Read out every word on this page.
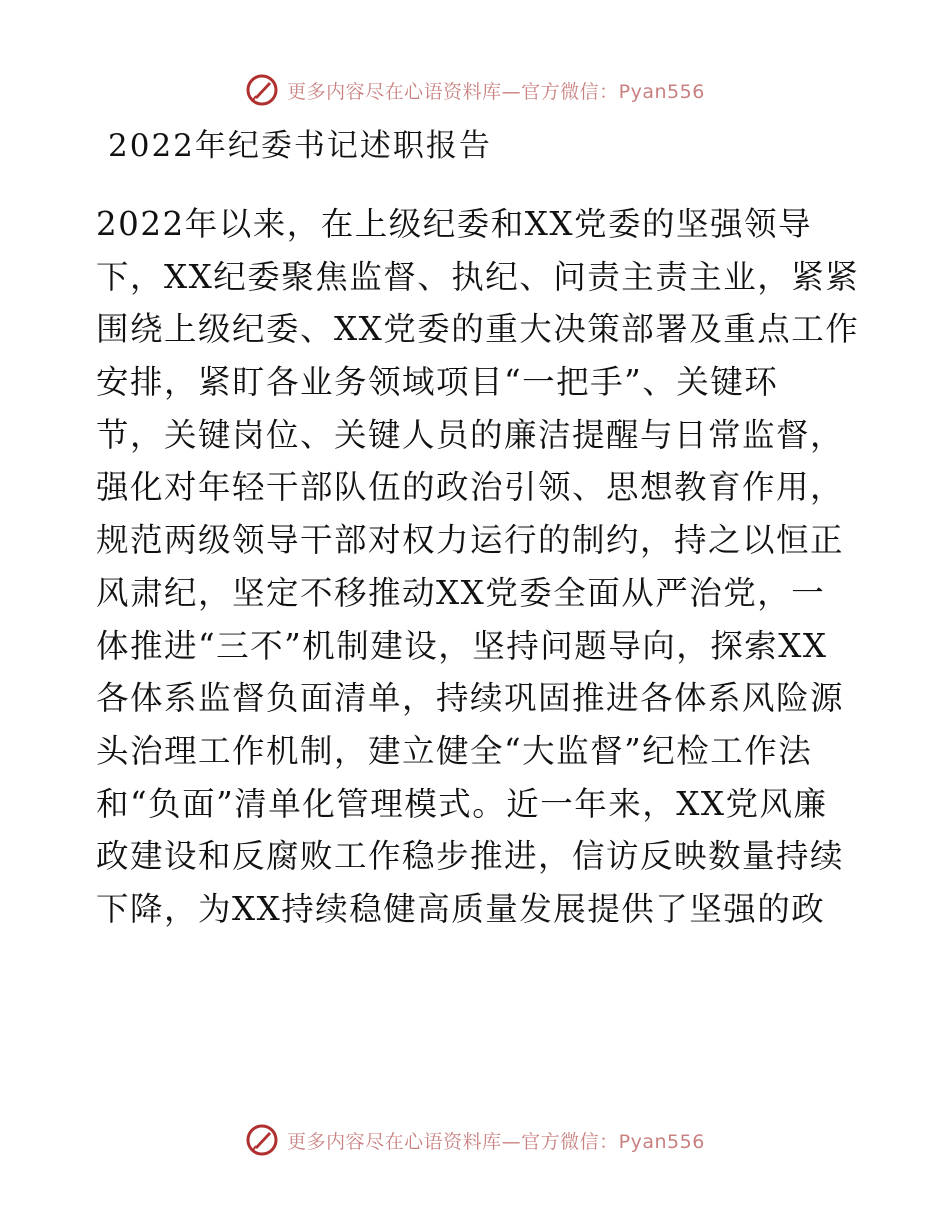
更多内容尽在心语资料库—官方微信：Pyan556
2022年纪委书记述职报告
2022年以来，在上级纪委和XX党委的坚强领导
下，XX纪委聚焦监督、执纪、问责主责主业，紧紧
围绕上级纪委、XX党委的重大决策部署及重点工作
安排，紧盯各业务领域项目“一把手”、关键环
节，关键岗位、关键人员的廉洁提醒与日常监督，
强化对年轻干部队伍的政治引领、思想教育作用，
规范两级领导干部对权力运行的制约，持之以恒正
风肃纪，坚定不移推动XX党委全面从严治党，一
体推进“三不”机制建设，坚持问题导向，探索XX
各体系监督负面清单，持续巩固推进各体系风险源
头治理工作机制，建立健全“大监督”纪检工作法
和“负面”清单化管理模式。近一年来，XX党风廉
政建设和反腐败工作稳步推进，信访反映数量持续
下降，为XX持续稳健高质量发展提供了坚强的政
更多内容尽在心语资料库—官方微信：Pyan556
